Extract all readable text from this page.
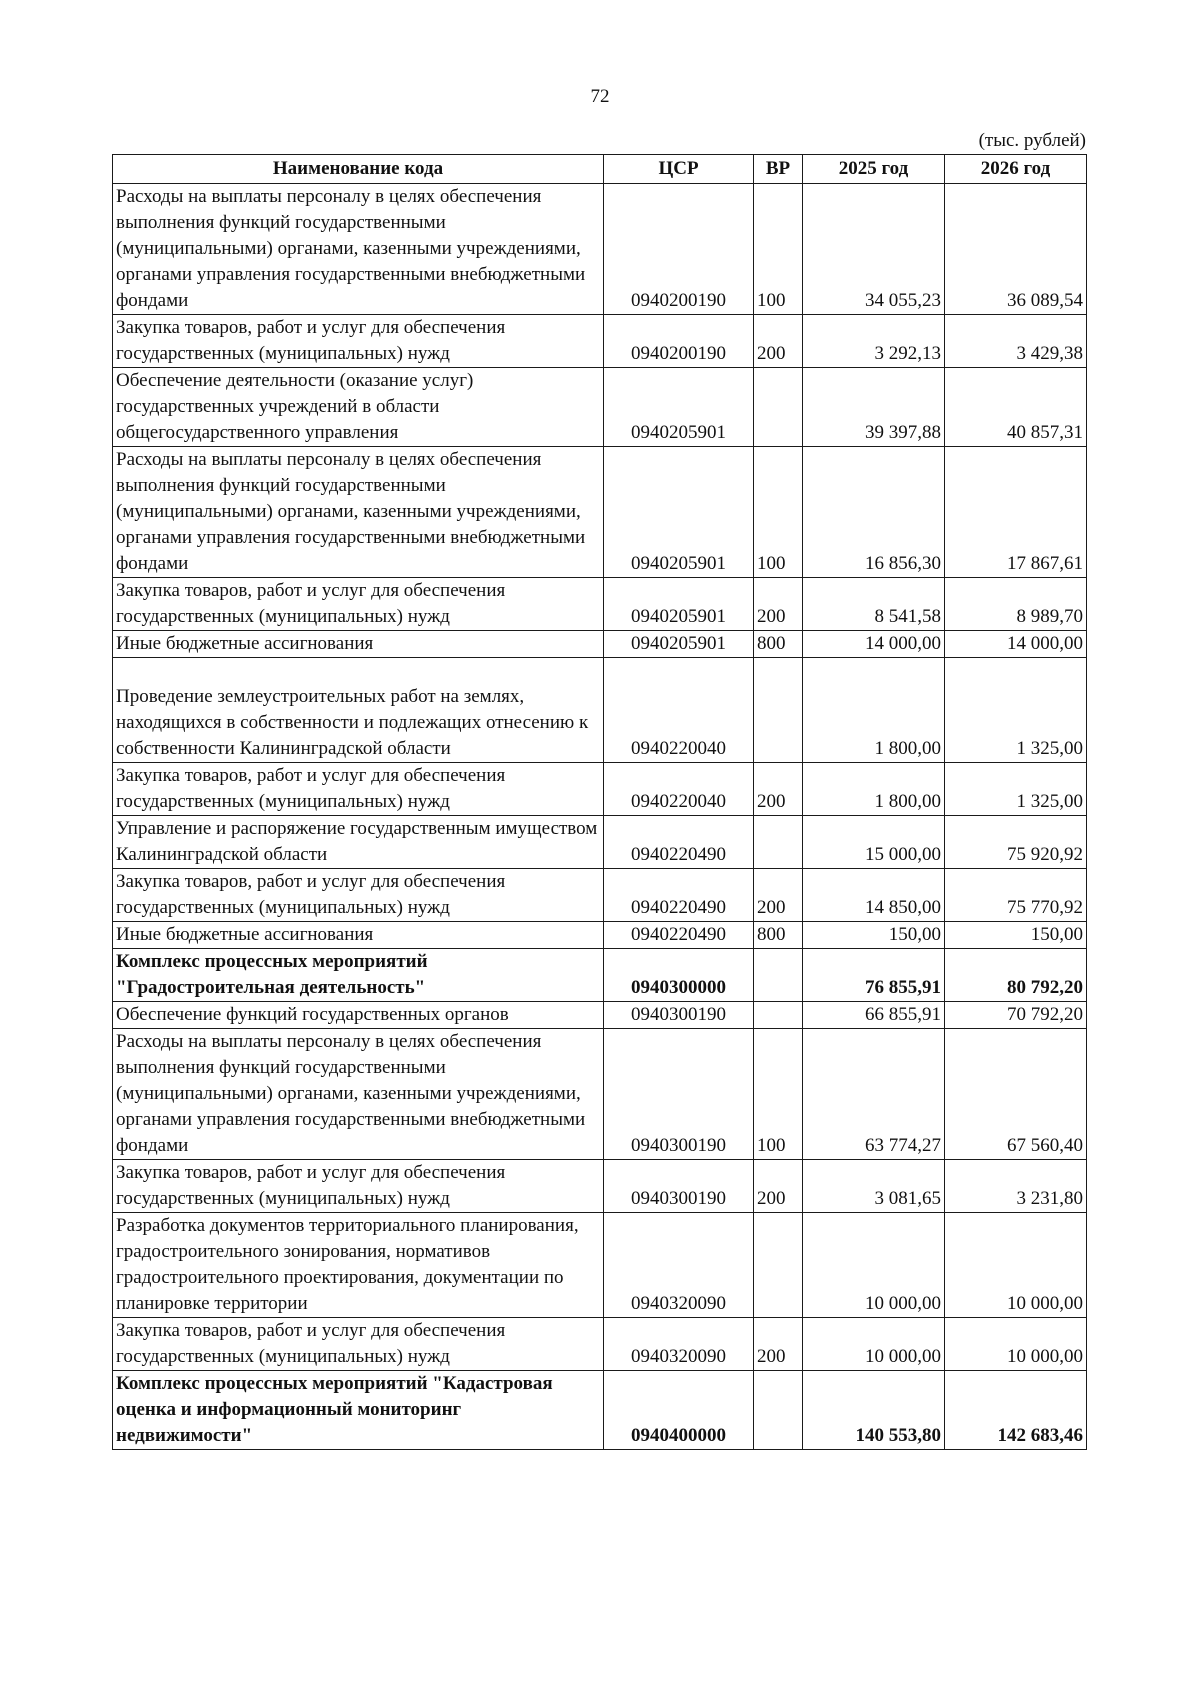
72
(тыс. рублей)
Наименование кода	ЦСР	ВР	2025 год	2026 год
Расходы на выплаты персоналу в целях обеспечения выполнения функций государственными (муниципальными) органами, казенными учреждениями, органами управления государственными внебюджетными фондами	0940200190	100	34 055,23	36 089,54
Закупка товаров, работ и услуг для обеспечения государственных (муниципальных) нужд	0940200190	200	3 292,13	3 429,38
Обеспечение деятельности (оказание услуг) государственных учреждений в области общегосударственного управления	0940205901		39 397,88	40 857,31
Расходы на выплаты персоналу в целях обеспечения выполнения функций государственными (муниципальными) органами, казенными учреждениями, органами управления государственными внебюджетными фондами	0940205901	100	16 856,30	17 867,61
Закупка товаров, работ и услуг для обеспечения государственных (муниципальных) нужд	0940205901	200	8 541,58	8 989,70
Иные бюджетные ассигнования	0940205901	800	14 000,00	14 000,00
Проведение землеустроительных работ на землях, находящихся в собственности и подлежащих отнесению к собственности Калининградской области	0940220040		1 800,00	1 325,00
Закупка товаров, работ и услуг для обеспечения государственных (муниципальных) нужд	0940220040	200	1 800,00	1 325,00
Управление и распоряжение государственным имуществом Калининградской области	0940220490		15 000,00	75 920,92
Закупка товаров, работ и услуг для обеспечения государственных (муниципальных) нужд	0940220490	200	14 850,00	75 770,92
Иные бюджетные ассигнования	0940220490	800	150,00	150,00
Комплекс процессных мероприятий "Градостроительная деятельность"	0940300000		76 855,91	80 792,20
Обеспечение функций государственных органов	0940300190		66 855,91	70 792,20
Расходы на выплаты персоналу в целях обеспечения выполнения функций государственными (муниципальными) органами, казенными учреждениями, органами управления государственными внебюджетными фондами	0940300190	100	63 774,27	67 560,40
Закупка товаров, работ и услуг для обеспечения государственных (муниципальных) нужд	0940300190	200	3 081,65	3 231,80
Разработка документов территориального планирования, градостроительного зонирования, нормативов градостроительного проектирования, документации по планировке территории	0940320090		10 000,00	10 000,00
Закупка товаров, работ и услуг для обеспечения государственных (муниципальных) нужд	0940320090	200	10 000,00	10 000,00
Комплекс процессных мероприятий "Кадастровая оценка и информационный мониторинг недвижимости"	0940400000		140 553,80	142 683,46
